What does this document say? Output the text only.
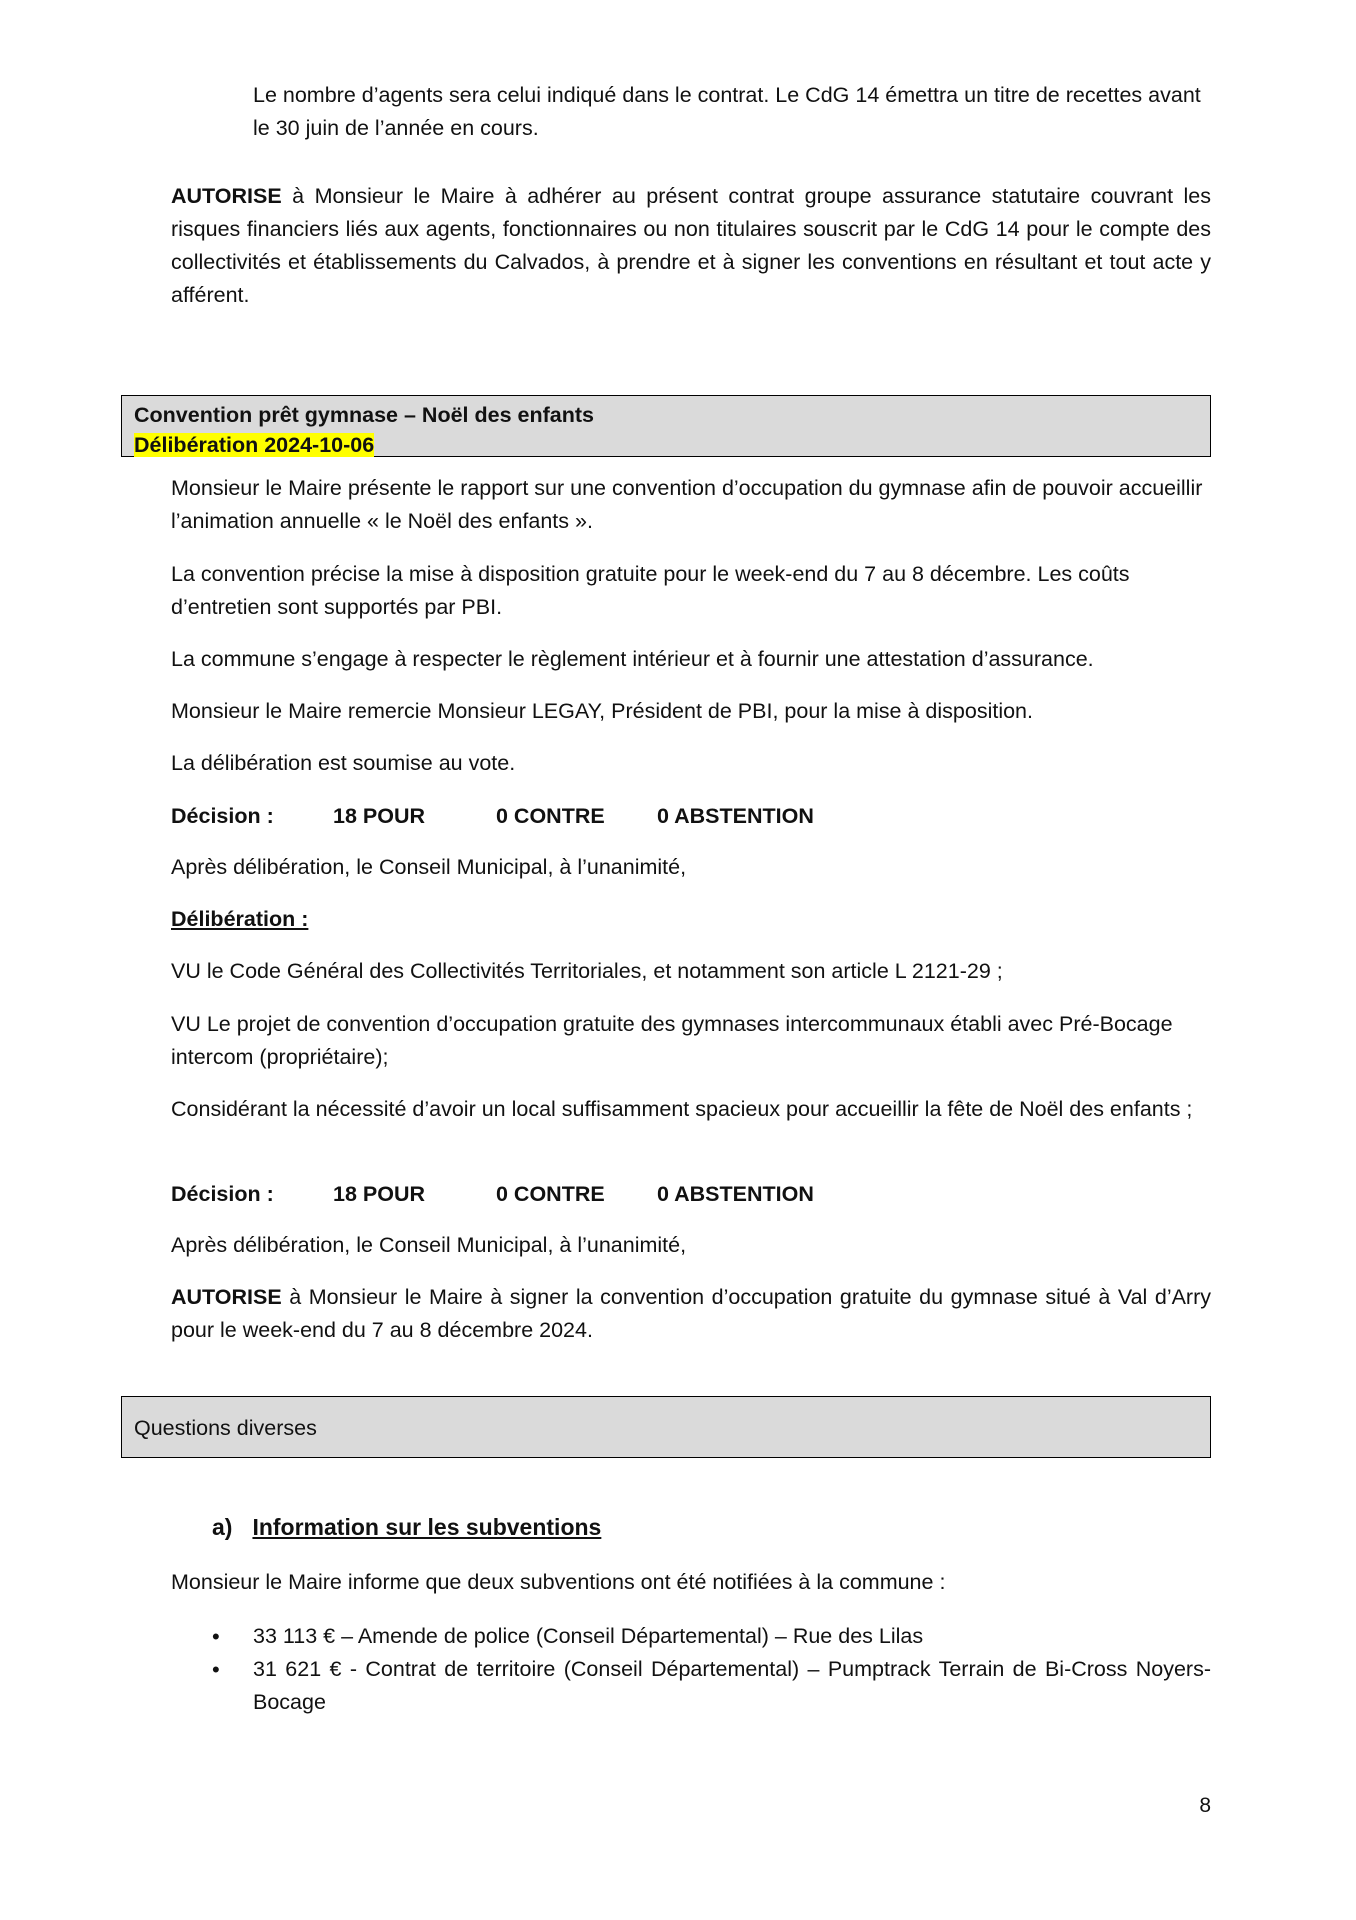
Le nombre d’agents sera celui indiqué dans le contrat. Le CdG 14 émettra un titre de recettes avant le 30 juin de l’année en cours.

AUTORISE à Monsieur le Maire à adhérer au présent contrat groupe assurance statutaire couvrant les risques financiers liés aux agents, fonctionnaires ou non titulaires souscrit par le CdG 14 pour le compte des collectivités et établissements du Calvados, à prendre et à signer les conventions en résultant et tout acte y afférent.

Convention prêt gymnase – Noël des enfants
Délibération 2024-10-06

Monsieur le Maire présente le rapport sur une convention d’occupation du gymnase afin de pouvoir accueillir l’animation annuelle « le Noël des enfants ».

La convention précise la mise à disposition gratuite pour le week-end du 7 au 8 décembre. Les coûts d’entretien sont supportés par PBI.

La commune s’engage à respecter le règlement intérieur et à fournir une attestation d’assurance.

Monsieur le Maire remercie Monsieur LEGAY, Président de PBI, pour la mise à disposition.

La délibération est soumise au vote.

Décision :	18 POUR	0 CONTRE 0 ABSTENTION

Après délibération, le Conseil Municipal, à l’unanimité,

Délibération :

VU le Code Général des Collectivités Territoriales, et notamment son article L 2121-29 ;

VU Le projet de convention d’occupation gratuite des gymnases intercommunaux établi avec Pré-Bocage intercom (propriétaire);

Considérant la nécessité d’avoir un local suffisamment spacieux pour accueillir la fête de Noël des enfants ;

Décision :	18 POUR	0 CONTRE 0 ABSTENTION

Après délibération, le Conseil Municipal, à l’unanimité,

AUTORISE à Monsieur le Maire à signer la convention d’occupation gratuite du gymnase situé à Val d’Arry pour le week-end du 7 au 8 décembre 2024.

Questions diverses
a) Information sur les subventions

Monsieur le Maire informe que deux subventions ont été notifiées à la commune :

• 33 113 € – Amende de police (Conseil Départemental) – Rue des Lilas

• 31 621 € - Contrat de territoire (Conseil Départemental) – Pumptrack Terrain de Bi-Cross Noyers-Bocage

8
